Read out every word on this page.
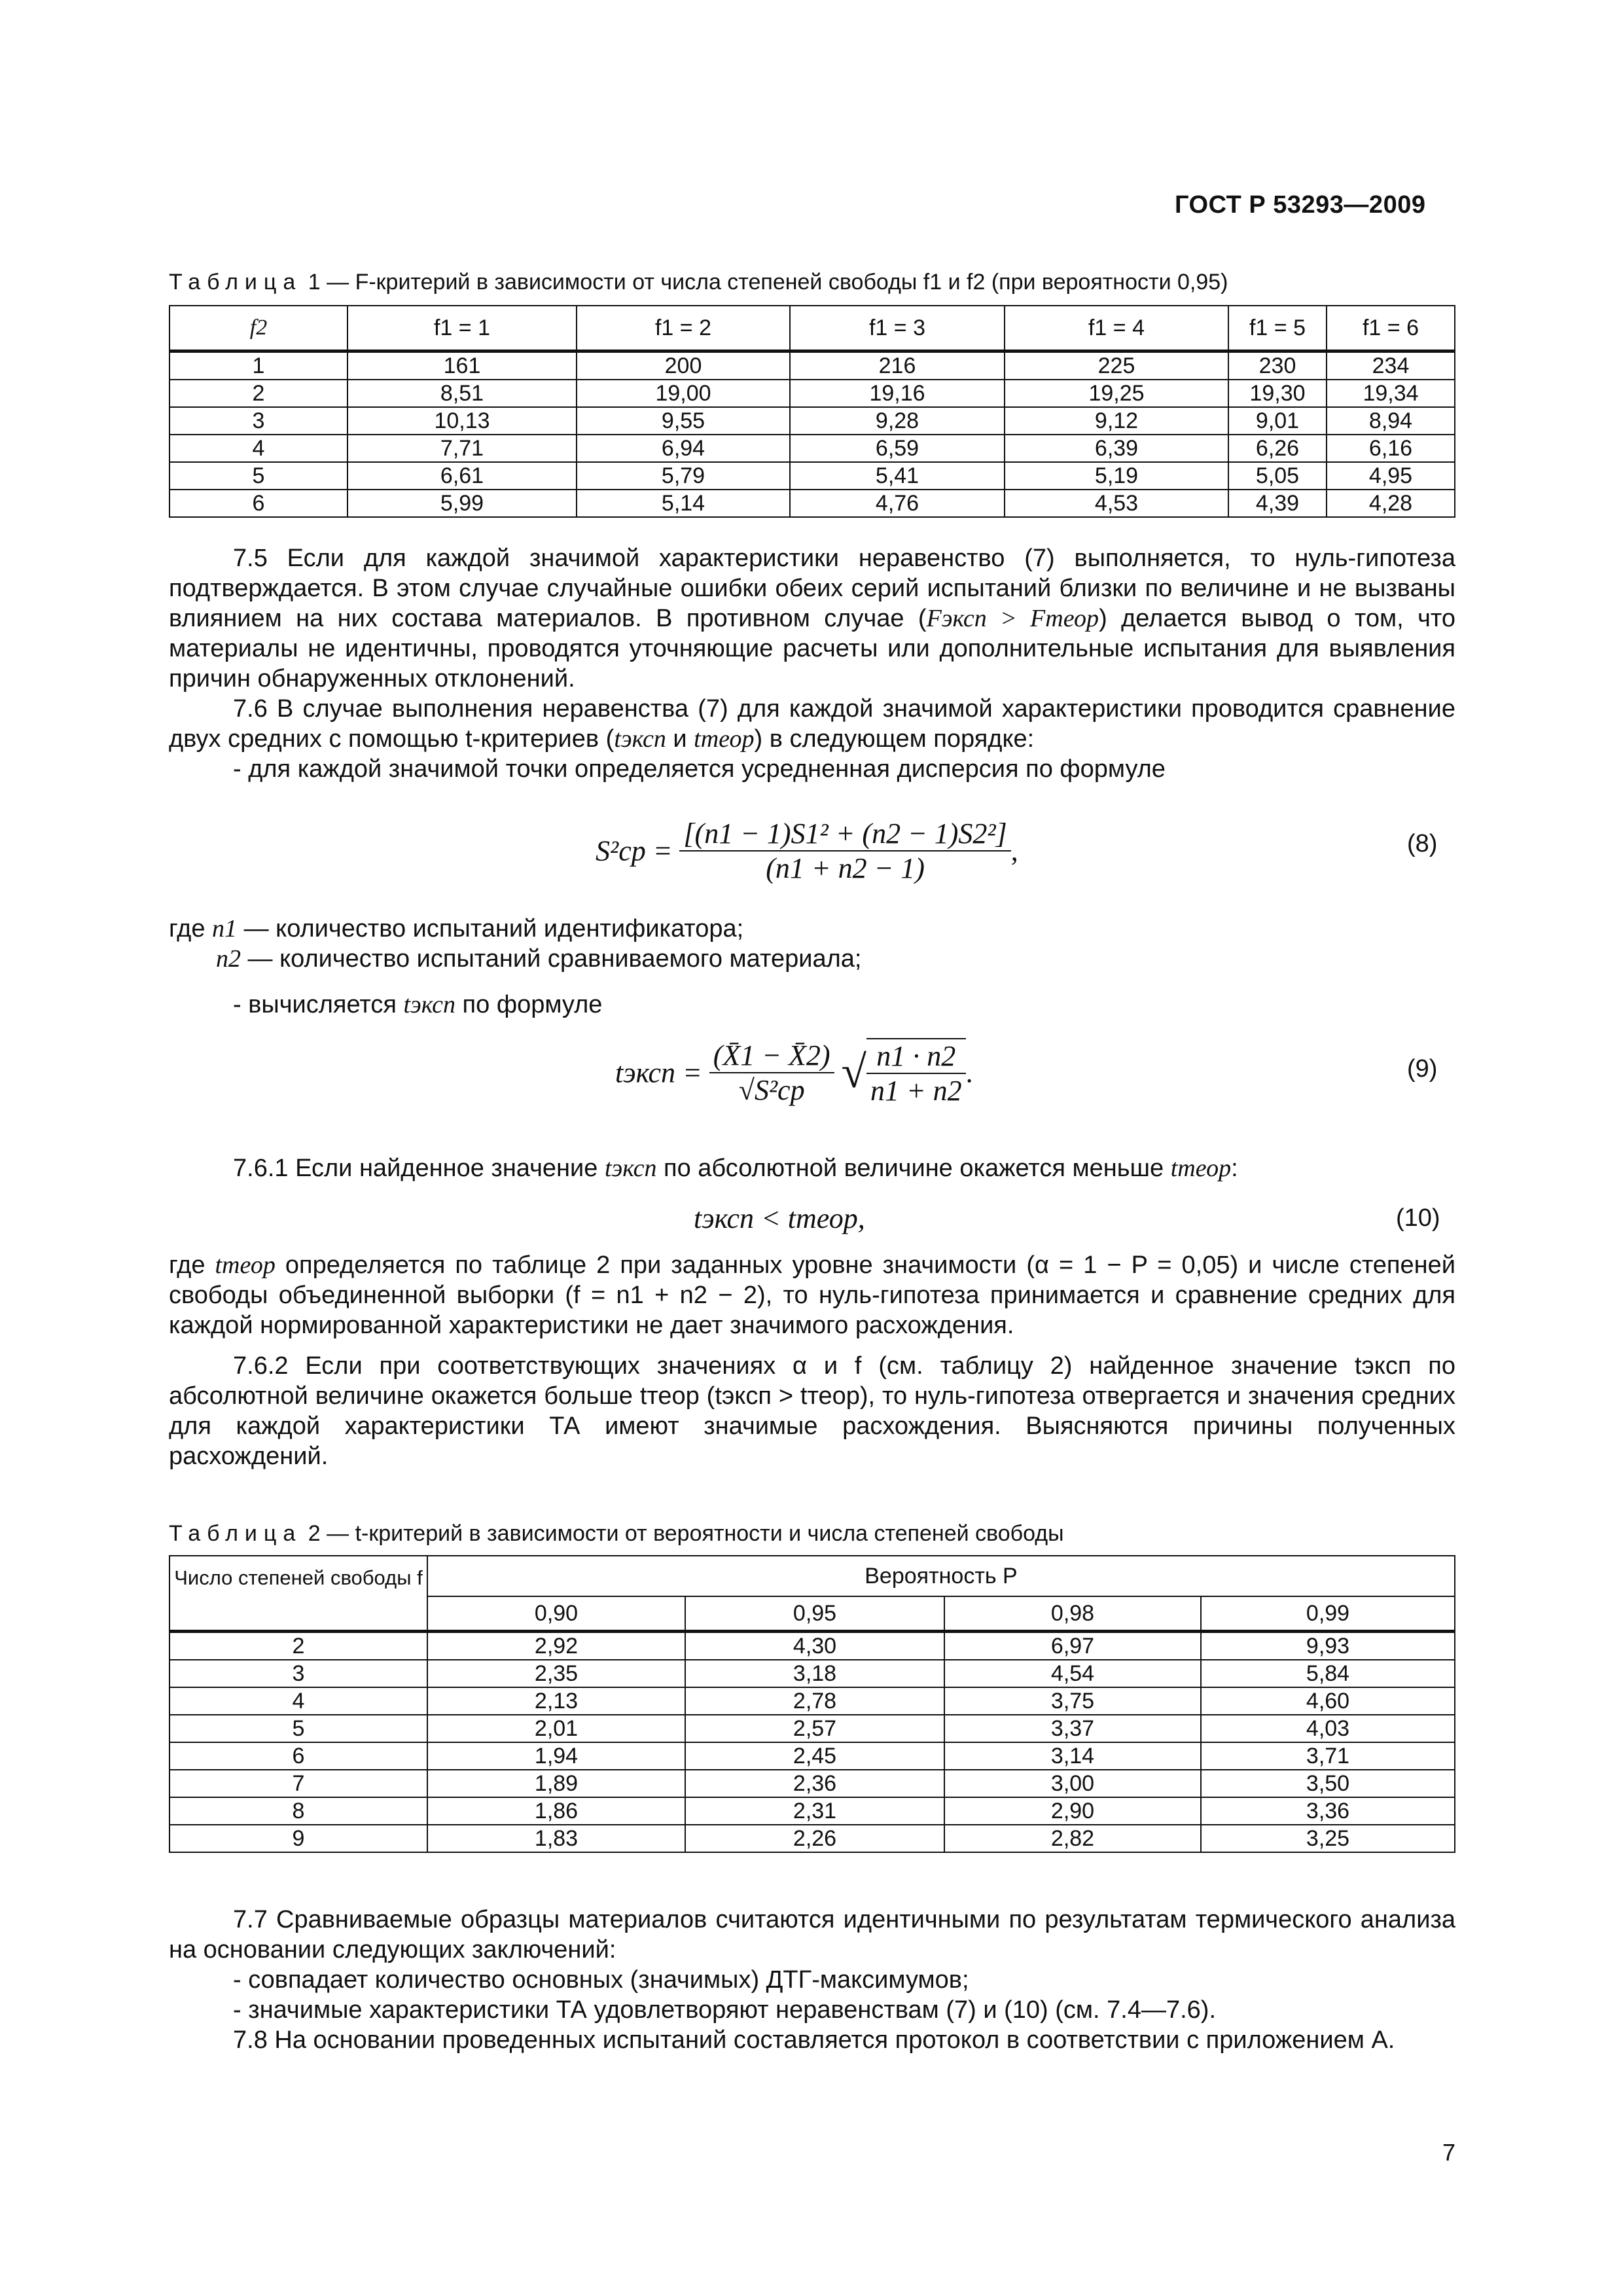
ГОСТ Р 53293—2009
Таблица 1 — F-критерий в зависимости от числа степеней свободы f1 и f2 (при вероятности 0,95)
f2	f1 = 1	f1 = 2	f1 = 3	f1 = 4	f1 = 5	f1 = 6
1	161	200	216	225	230	234
2	8,51	19,00	19,16	19,25	19,30	19,34
3	10,13	9,55	9,28	9,12	9,01	8,94
4	7,71	6,94	6,59	6,39	6,26	6,16
5	6,61	5,79	5,41	5,19	5,05	4,95
6	5,99	5,14	4,76	4,53	4,39	4,28

7.5 Если для каждой значимой характеристики неравенство (7) выполняется, то нуль-гипотеза подтверждается. В этом случае случайные ошибки обеих серий испытаний близки по величине и не вызваны влиянием на них состава материалов. В противном случае (Fэксп > Fтеор) делается вывод о том, что материалы не идентичны, проводятся уточняющие расчеты или дополнительные испытания для выявления причин обнаруженных отклонений.

7.6 В случае выполнения неравенства (7) для каждой значимой характеристики проводится сравнение двух средних с помощью t-критериев (tэксп и tтеор) в следующем порядке:

- для каждой значимой точки определяется усредненная дисперсия по формуле

$S^2ср = \frac{\text{[(n1 − 1)S1² + (n2 − 1)S2²]}}{(n1 + n2 - 1)}$ ,	(8)
где n1 — количество испытаний идентификатора;
n2 — количество испытаний сравниваемого материала;
- вычисляется tэксп по формуле
tэксп = $\frac{(X̄1 - X̄2)}{\text{√S²ср}}$ √ $\frac{n1 \cdot n2}{n1 + n2}$ .	(9)
7.6.1 Если найденное значение tэксп по абсолютной величине окажется меньше tтеор:
tэксп < tтеор,	(10)

где tтеор определяется по таблице 2 при заданных уровне значимости (α = 1 − P = 0,05) и числе степеней свободы объединенной выборки (f = n1 + n2 − 2), то нуль-гипотеза принимается и сравнение средних для каждой нормированной характеристики не дает значимого расхождения.

7.6.2 Если при соответствующих значениях α и f (см. таблицу 2) найденное значение tэксп по абсолютной величине окажется больше tтеор (tэксп > tтеор), то нуль-гипотеза отвергается и значения средних для каждой характеристики ТА имеют значимые расхождения. Выясняются причины полученных расхождений.

Таблица 2 — t-критерий в зависимости от вероятности и числа степеней свободы
Число степеней свободы f	Вероятность P			
	0,90	0,95	0,98	0,99
2	2,92	4,30	6,97	9,93
3	2,35	3,18	4,54	5,84
4	2,13	2,78	3,75	4,60
5	2,01	2,57	3,37	4,03
6	1,94	2,45	3,14	3,71
7	1,89	2,36	3,00	3,50
8	1,86	2,31	2,90	3,36
9	1,83	2,26	2,82	3,25

7.7 Сравниваемые образцы материалов считаются идентичными по результатам термического анализа на основании следующих заключений:

- совпадает количество основных (значимых) ДТГ-максимумов;

- значимые характеристики ТА удовлетворяют неравенствам (7) и (10) (см. 7.4—7.6).

7.8 На основании проведенных испытаний составляется протокол в соответствии с приложением А.

7
